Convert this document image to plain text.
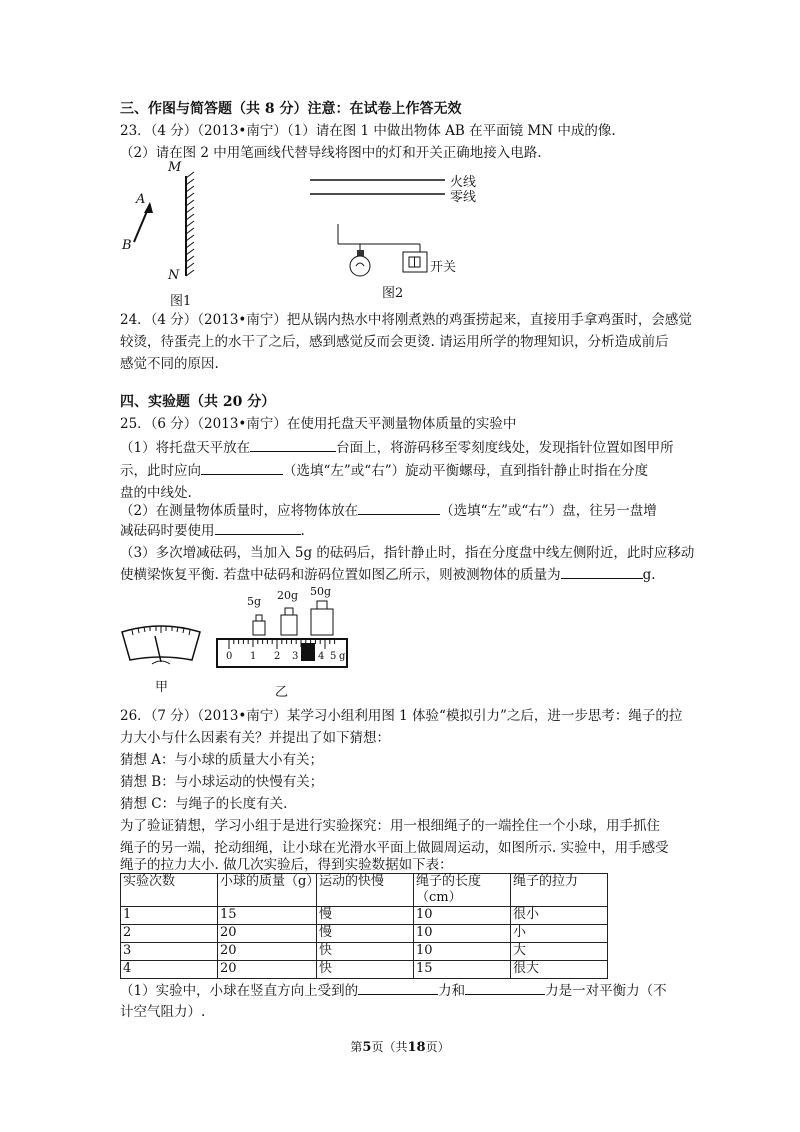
三、作图与简答题（共 8 分）注意：在试卷上作答无效
23．（4 分）（2013•南宁）（1）请在图 1 中做出物体 AB 在平面镜 MN 中成的像.
（2）请在图 2 中用笔画线代替导线将图中的灯和开关正确地接入电路.
M
N
A
B
图1
火线
零线
开关
图2
24．（4 分）（2013•南宁）把从锅内热水中将刚煮熟的鸡蛋捞起来，直接用手拿鸡蛋时，会感觉
较烫，待蛋壳上的水干了之后，感到感觉反而会更烫. 请运用所学的物理知识，分析造成前后
感觉不同的原因.
四、实验题（共 20 分）
25．（6 分）（2013•南宁）在使用托盘天平测量物体质量的实验中
（1）将托盘天平放在	台面上，将游码移至零刻度线处，发现指针位置如图甲所
示，此时应向	（选填“左”或“右”）旋动平衡螺母，直到指针静止时指在分度
盘的中线处.
（2）在测量物体质量时，应将物体放在	（选填“左”或“右”）盘，往另一盘增
减砝码时要使用	.
（3）多次增减砝码，当加入 5g 的砝码后，指针静止时，指在分度盘中线左侧附近，此时应移动
使横梁恢复平衡. 若盘中砝码和游码位置如图乙所示，则被测物体的质量为	g.
甲
5g 20g 50g
0 1 2 3 4 5 g
乙
26．（7 分）（2013•南宁）某学习小组利用图 1 体验“模拟引力”之后，进一步思考：绳子的拉
力大小与什么因素有关？并提出了如下猜想：
猜想 A：与小球的质量大小有关；
猜想 B：与小球运动的快慢有关；
猜想 C：与绳子的长度有关.
为了验证猜想，学习小组于是进行实验探究：用一根细绳子的一端拴住一个小球，用手抓住
绳子的另一端，抡动细绳，让小球在光滑水平面上做圆周运动，如图所示. 实验中，用手感受
绳子的拉力大小. 做几次实验后，得到实验数据如下表：
实验次数	小球的质量（g）	运动的快慢	绳子的长度
（cm）	绳子的拉力
1	15	慢	10	很小
2	20	慢	10	小
3	20	快	10	大
4	20	快	15	很大
（1）实验中，小球在竖直方向上受到的	力和	力是一对平衡力（不
计空气阻力）.
第5页（共18页）
